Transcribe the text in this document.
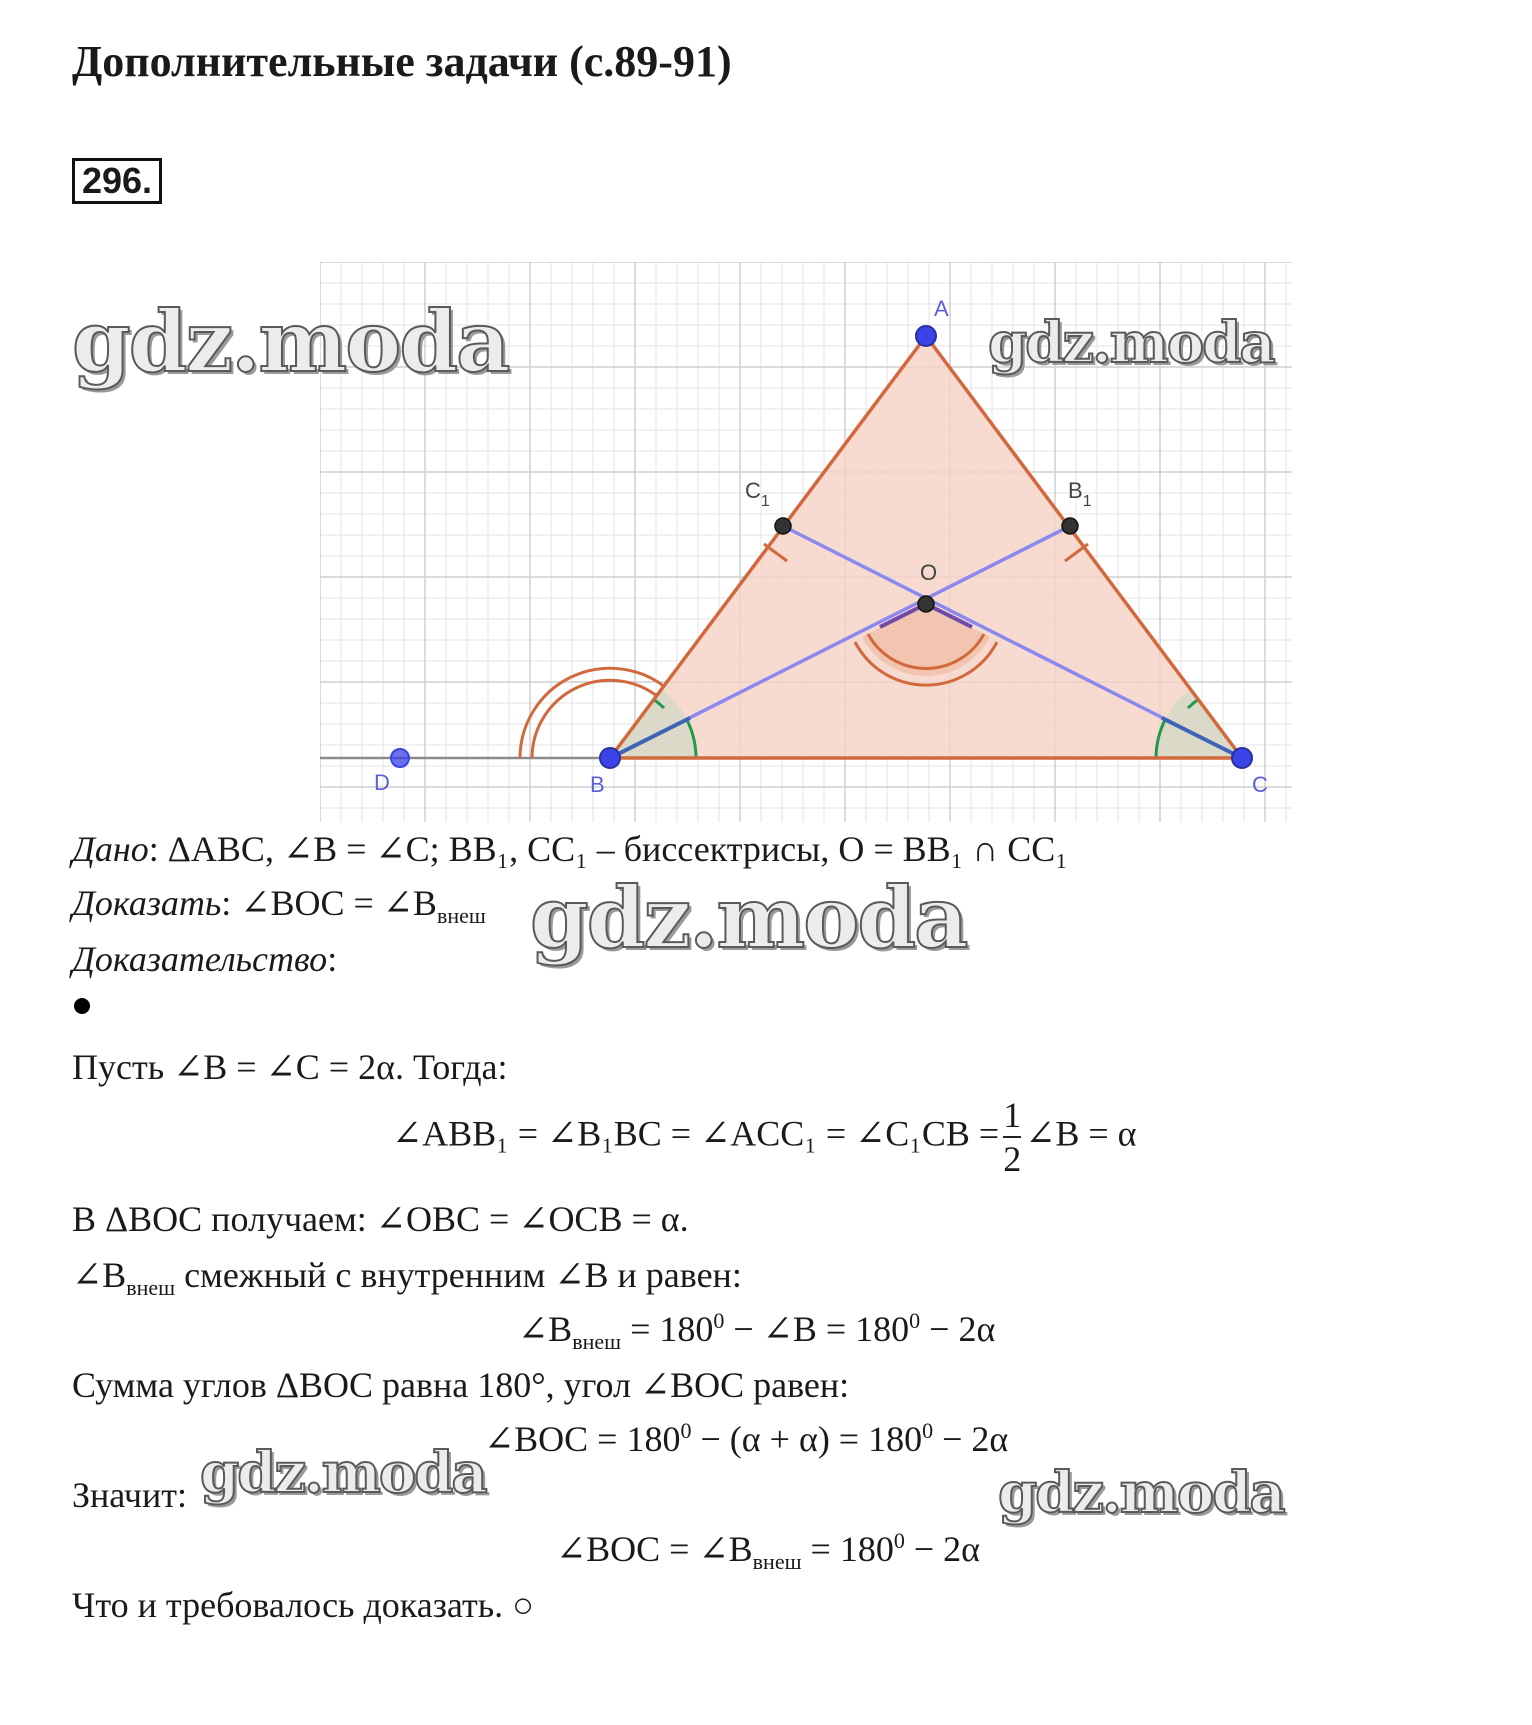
Дополнительные задачи (с.89-91)
296.
A
D	B	C
$C_1$	$B_1$
O
gdz.moda	gdz.moda
Дано: ΔABC, ∠B = ∠C; BB₁, CC₁ – биссектрисы, O = BB₁ ∩ CC₁
Доказать: ∠BOC = $\angle B_{внеш}$ gdz.moda
Доказательство:
Пусть ∠B = ∠C = 2α. Тогда:
∠ABB₁ = ∠B₁BC = ∠ACC₁ = ∠C₁CB = $\frac{1}{2}$ ∠B = α
В ΔBOC получаем: ∠OBC = ∠OCB = α.
$\angle B_{внеш}$ смежный с внутренним ∠B и равен:
$\angle B_{внеш} = 180^0$ − ∠B = $180^0 - 2\alpha$
Сумма углов ΔBOC равна 180°, угол ∠BOC равен:
∠BOC = $180^0 - (\alpha + \alpha) = 180^0 - 2\alpha$
Значит: gdz.moda	gdz.moda
∠BOC = $\angle B_{внеш} = 180^0 - 2\alpha$
Что и требовалось доказать. ○
